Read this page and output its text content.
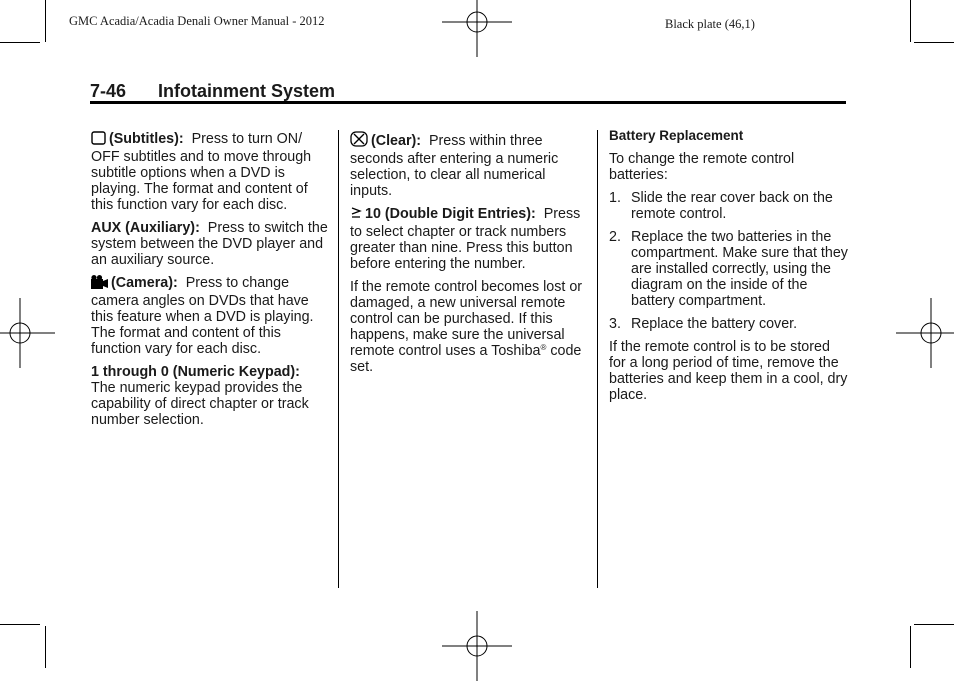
GMC Acadia/Acadia Denali Owner Manual - 2012	Black plate (46,1)
7-46 Infotainment System

(Subtitles): Press to turn ON/ OFF subtitles and to move through subtitle options when a DVD is playing. The format and content of this function vary for each disc.

AUX (Auxiliary): Press to switch the system between the DVD player and an auxiliary source.

(Camera): Press to change camera angles on DVDs that have this feature when a DVD is playing. The format and content of this function vary for each disc.

1 through 0 (Numeric Keypad):
The numeric keypad provides the capability of direct chapter or track number selection.

(Clear): Press within three seconds after entering a numeric selection, to clear all numerical inputs.

10 (Double Digit Entries): Press to select chapter or track numbers greater than nine. Press this button before entering the number.

If the remote control becomes lost or damaged, a new universal remote control can be purchased. If this happens, make sure the universal remote control uses a Toshiba® code set.

Battery Replacement

To change the remote control batteries:

1. Slide the rear cover back on the remote control.
2. Replace the two batteries in the compartment. Make sure that they are installed correctly, using the diagram on the inside of the battery compartment.
3. Replace the battery cover.

If the remote control is to be stored for a long period of time, remove the batteries and keep them in a cool, dry place.
